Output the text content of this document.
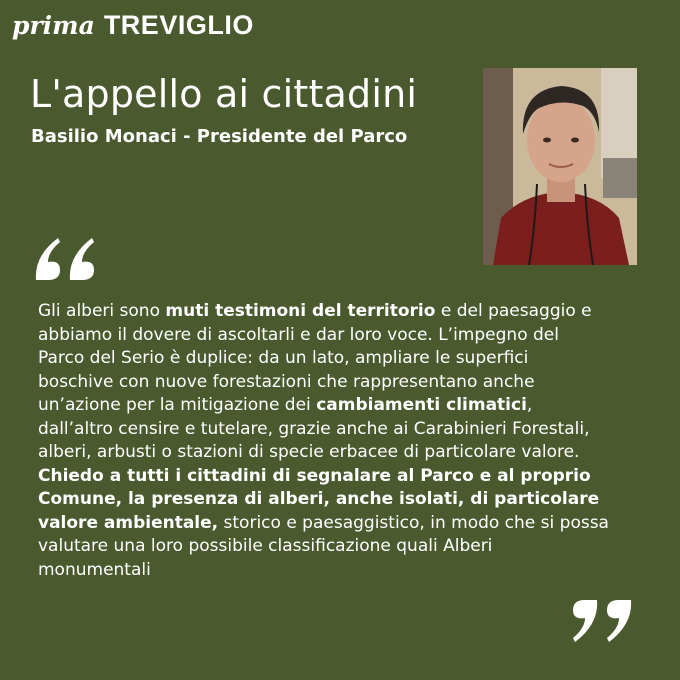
prima TREVIGLIO
L'appello ai cittadini
Basilio Monaci - Presidente del Parco

Gli alberi sono muti testimoni del territorio e del paesaggio e
abbiamo il dovere di ascoltarli e dar loro voce. L’impegno del
Parco del Serio è duplice: da un lato, ampliare le superfici
boschive con nuove forestazioni che rappresentano anche
un’azione per la mitigazione dei cambiamenti climatici,
dall’altro censire e tutelare, grazie anche ai Carabinieri Forestali,
alberi, arbusti o stazioni di specie erbacee di particolare valore.
Chiedo a tutti i cittadini di segnalare al Parco e al proprio
Comune, la presenza di alberi, anche isolati, di particolare
valore ambientale, storico e paesaggistico, in modo che si possa
valutare una loro possibile classificazione quali Alberi
monumentali
